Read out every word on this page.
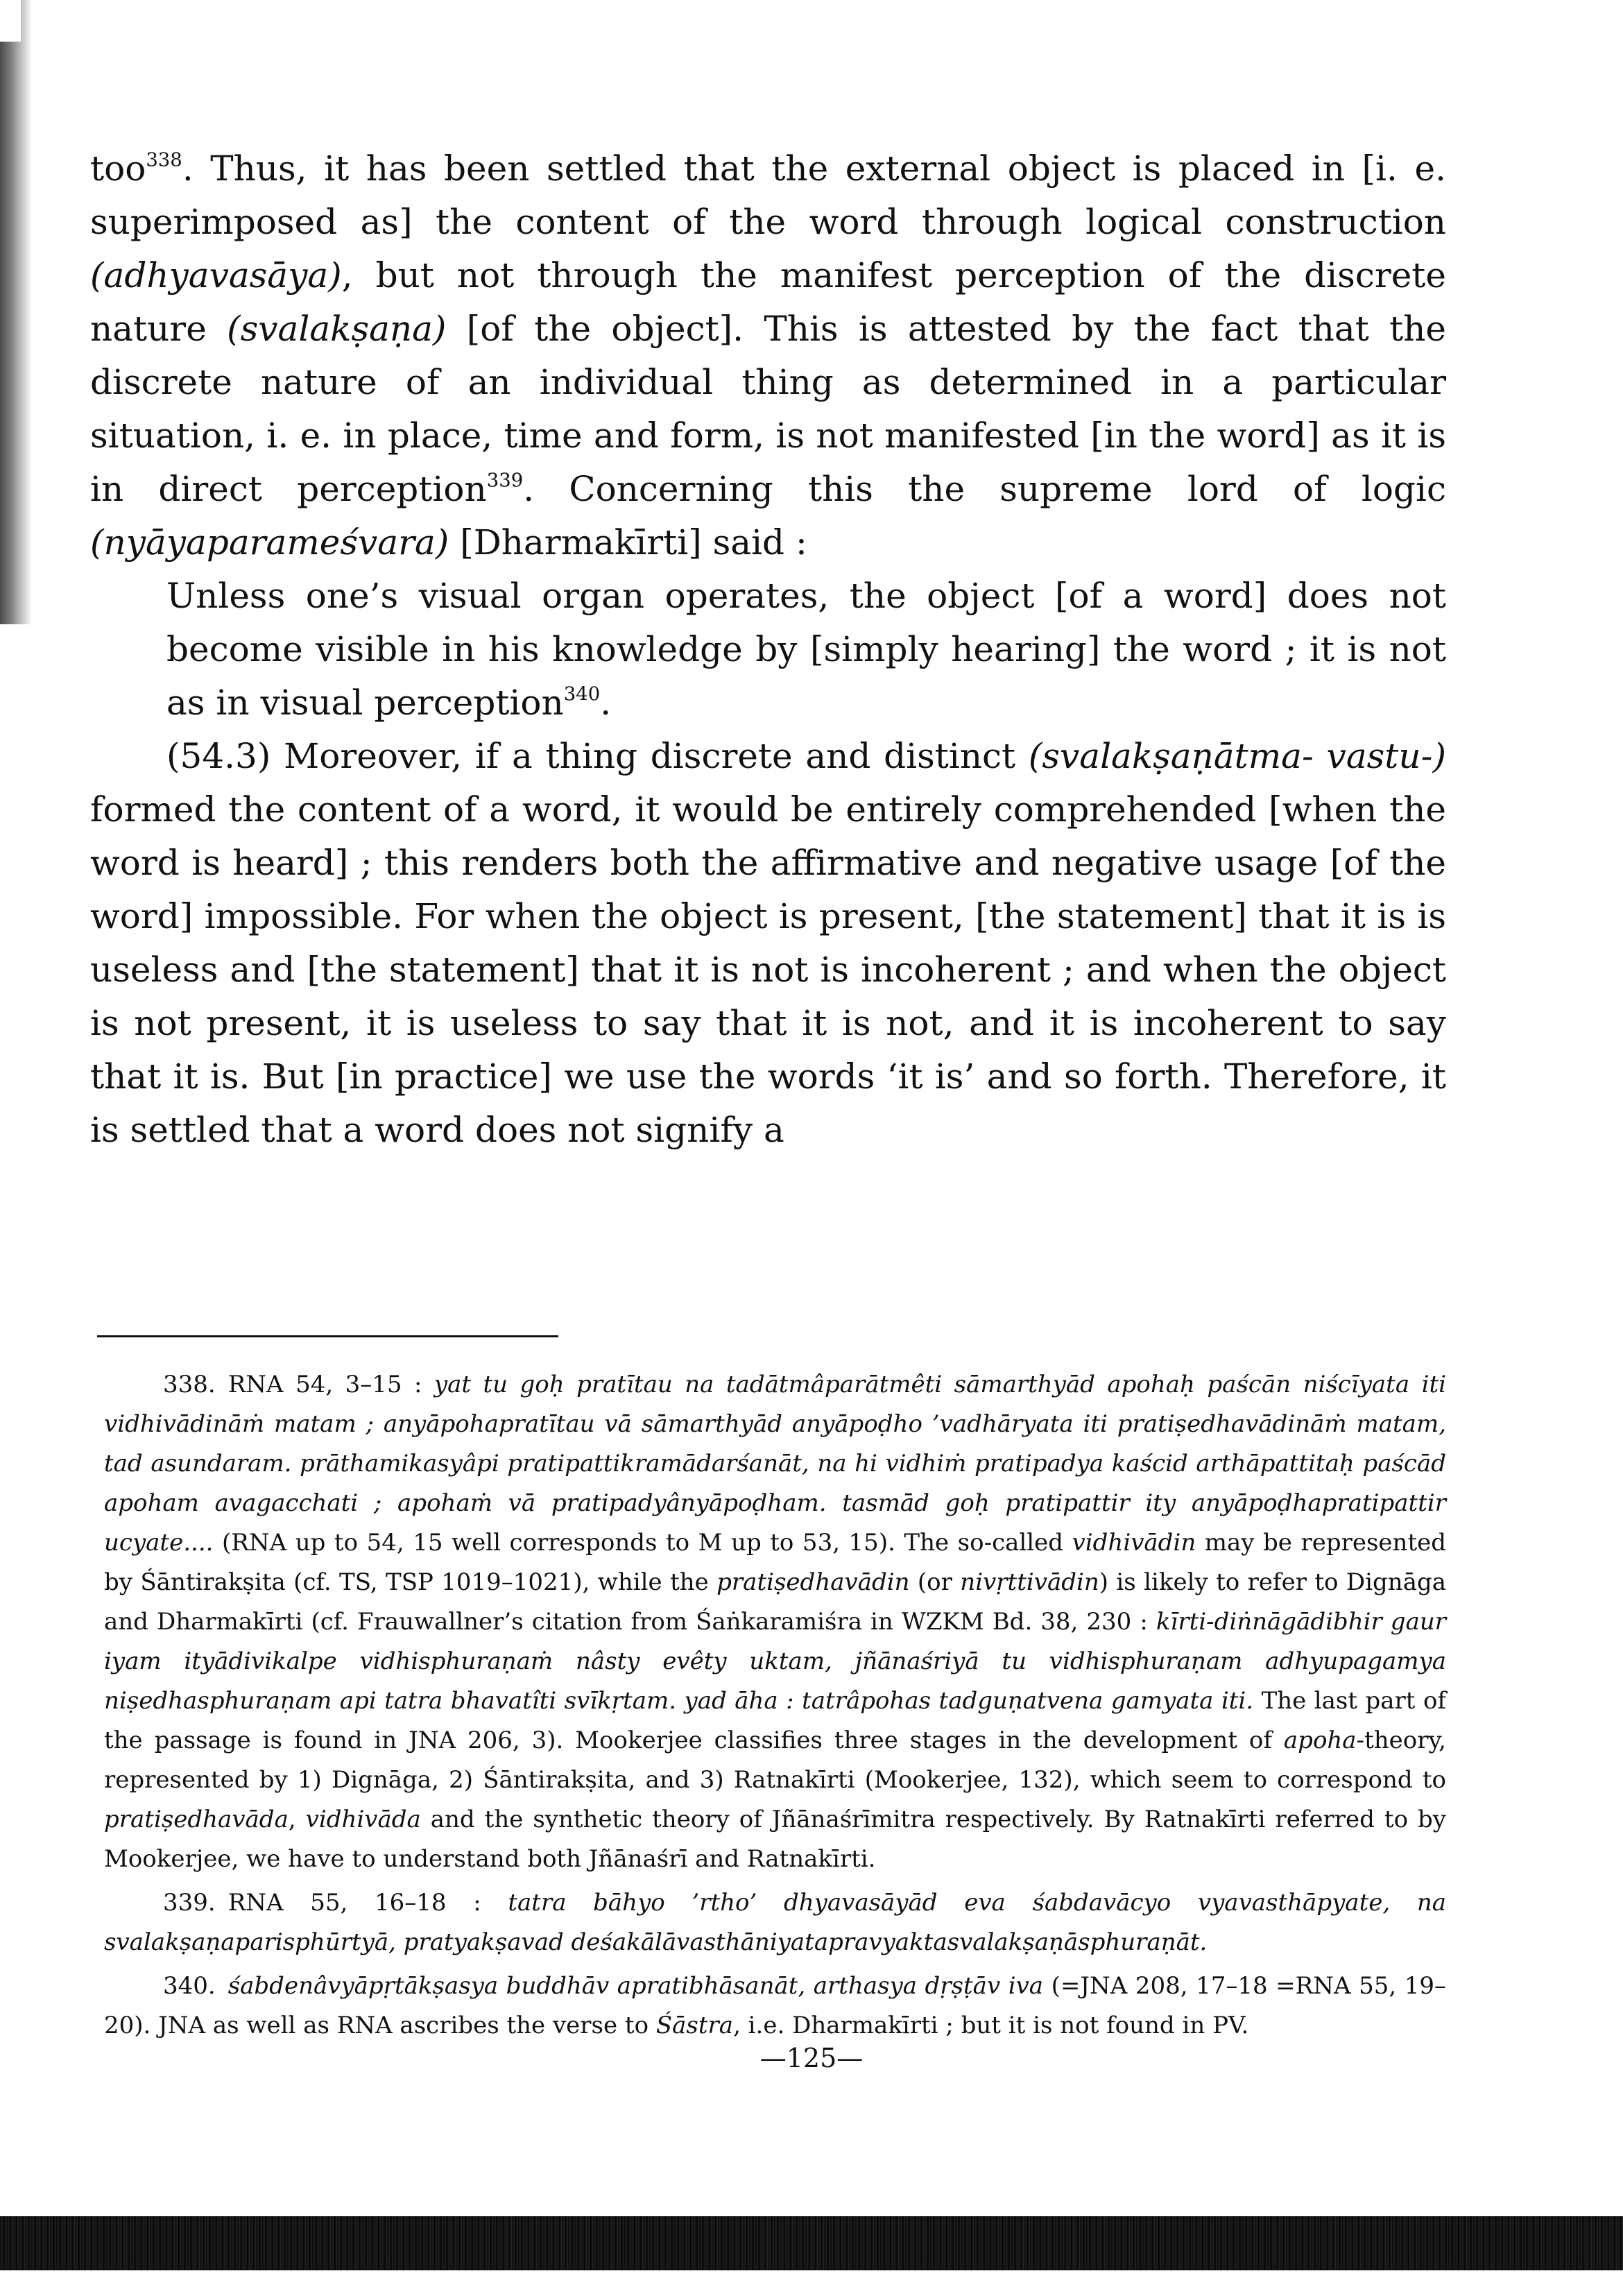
too$^{338}$. Thus, it has been settled that the external object is placed in [i. e. superimposed as] the content of the word through logical construction (adhyavasāya), but not through the manifest perception of the discrete nature (svalakṣaṇa) [of the object]. This is attested by the fact that the discrete nature of an individual thing as determined in a particular situation, i. e. in place, time and form, is not manifested [in the word] as it is in direct perception$^{339}$. Concerning this the supreme lord of logic (nyāyaparameśvara) [Dharmakīrti] said :

Unless one’s visual organ operates, the object [of a word] does not become visible in his knowledge by [simply hearing] the word ; it is not as in visual perception$^{340}$.

(54.3) Moreover, if a thing discrete and distinct (svalakṣaṇātma- vastu-) formed the content of a word, it would be entirely comprehended [when the word is heard] ; this renders both the affirmative and negative usage [of the word] impossible. For when the object is present, [the statement] that it is is useless and [the statement] that it is not is incoherent ; and when the object is not present, it is useless to say that it is not, and it is incoherent to say that it is. But [in practice] we use the words ‘it is’ and so forth. Therefore, it is settled that a word does not signify a

338. RNA 54, 3–15 : yat tu goḥ pratītau na tadātmâparātmêti sāmarthyād apohaḥ paścān niścīyata iti vidhivādināṁ matam ; anyāpohapratītau vā sāmarthyād anyāpoḍho ’vadhāryata iti pratiṣedhavādināṁ matam, tad asundaram. prāthamikasyâpi pratipattikramādarśanāt, na hi vidhiṁ pratipadya kaścid arthāpattitaḥ paścād apoham avagacchati ; apohaṁ vā pratipadyânyāpoḍham. tasmād goḥ pratipattir ity anyāpoḍhapratipattir ucyate.... (RNA up to 54, 15 well corresponds to M up to 53, 15). The so-called vidhivādin may be represented by Śāntirakṣita (cf. TS, TSP 1019–1021), while the pratiṣedhavādin (or nivṛttivādin) is likely to refer to Dignāga and Dharmakīrti (cf. Frauwallner’s citation from Śaṅkaramiśra in WZKM Bd. 38, 230 : kīrti-diṅnāgādibhir gaur iyam ityādivikalpe vidhisphuraṇaṁ nâsty evêty uktam, jñānaśriyā tu vidhisphuraṇam adhyupagamya niṣedhasphuraṇam api tatra bhavatîti svīkṛtam. yad āha : tatrâpohas tadguṇatvena gamyata iti. The last part of the passage is found in JNA 206, 3). Mookerjee classifies three stages in the development of apoha-theory, represented by 1) Dignāga, 2) Śāntirakṣita, and 3) Ratnakīrti (Mookerjee, 132), which seem to correspond to pratiṣedhavāda, vidhivāda and the synthetic theory of Jñānaśrīmitra respectively. By Ratnakīrti referred to by Mookerjee, we have to understand both Jñānaśrī and Ratnakīrti.

339. RNA 55, 16–18 : tatra bāhyo ’rtho’ dhyavasāyād eva śabdavācyo vyavasthāpyate, na svalakṣaṇaparisphūrtyā, pratyakṣavad deśakālāvasthāniyatapravyaktasvalakṣaṇāsphuraṇāt.

340. śabdenâvyāpṛtākṣasya buddhāv apratibhāsanāt, arthasya dṛṣṭāv iva (=JNA 208, 17–18 =RNA 55, 19–20). JNA as well as RNA ascribes the verse to Śāstra, i.e. Dharmakīrti ; but it is not found in PV.

—125—
